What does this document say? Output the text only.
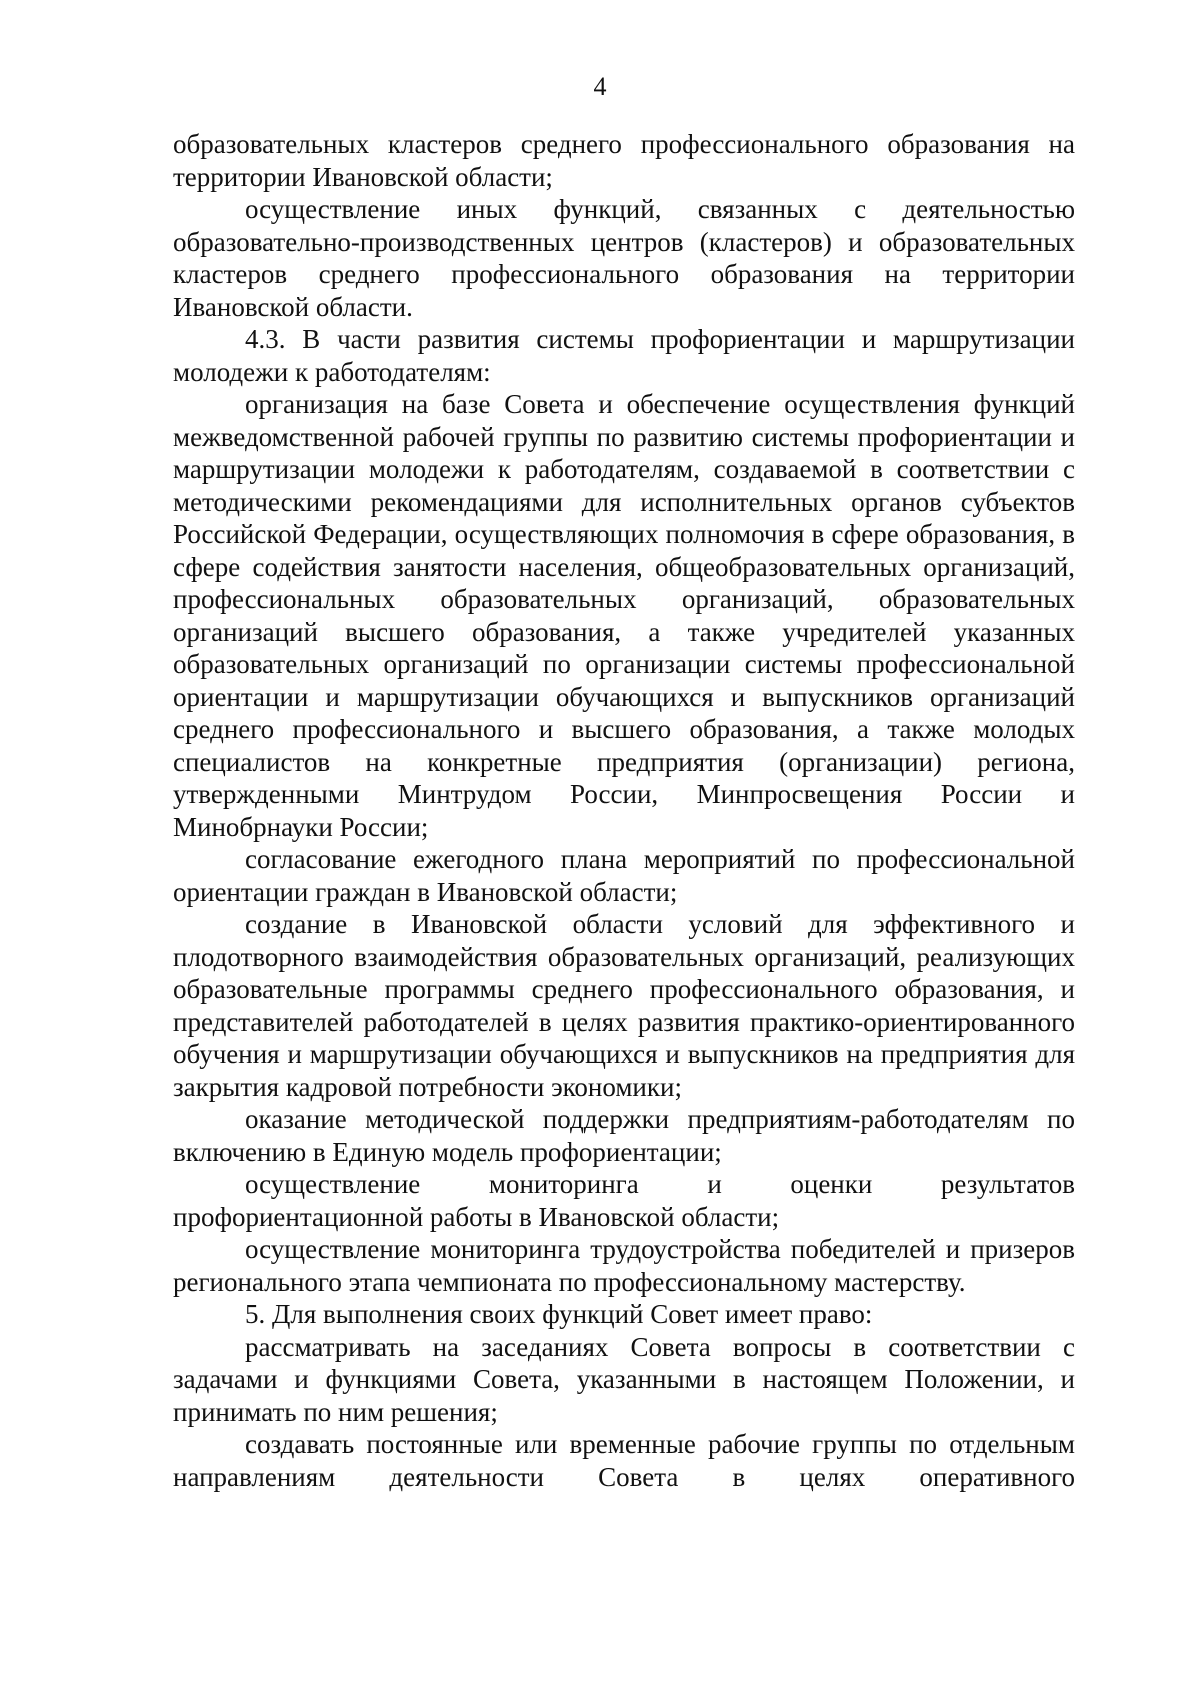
4

образовательных кластеров среднего профессионального образования на территории Ивановской области;

осуществление иных функций, связанных с деятельностью образовательно-производственных центров (кластеров) и образовательных кластеров среднего профессионального образования на территории Ивановской области.

4.3. В части развития системы профориентации и маршрутизации молодежи к работодателям:

организация на базе Совета и обеспечение осуществления функций межведомственной рабочей группы по развитию системы профориентации и маршрутизации молодежи к работодателям, создаваемой в соответствии с методическими рекомендациями для исполнительных органов субъектов Российской Федерации, осуществляющих полномочия в сфере образования, в сфере содействия занятости населения, общеобразовательных организаций, профессиональных образовательных организаций, образовательных организаций высшего образования, а также учредителей указанных образовательных организаций по организации системы профессиональной ориентации и маршрутизации обучающихся и выпускников организаций среднего профессионального и высшего образования, а также молодых специалистов на конкретные предприятия (организации) региона, утвержденными Минтрудом России, Минпросвещения России и Минобрнауки России;

согласование ежегодного плана мероприятий по профессиональной ориентации граждан в Ивановской области;

создание в Ивановской области условий для эффективного и плодотворного взаимодействия образовательных организаций, реализующих образовательные программы среднего профессионального образования, и представителей работодателей в целях развития практико-ориентированного обучения и маршрутизации обучающихся и выпускников на предприятия для закрытия кадровой потребности экономики;

оказание методической поддержки предприятиям-работодателям по включению в Единую модель профориентации;

осуществление мониторинга и оценки результатов профориентационной работы в Ивановской области;

осуществление мониторинга трудоустройства победителей и призеров регионального этапа чемпионата по профессиональному мастерству.

5. Для выполнения своих функций Совет имеет право:

рассматривать на заседаниях Совета вопросы в соответствии с задачами и функциями Совета, указанными в настоящем Положении, и принимать по ним решения;

создавать постоянные или временные рабочие группы по отдельным направлениям деятельности Совета в целях оперативного
